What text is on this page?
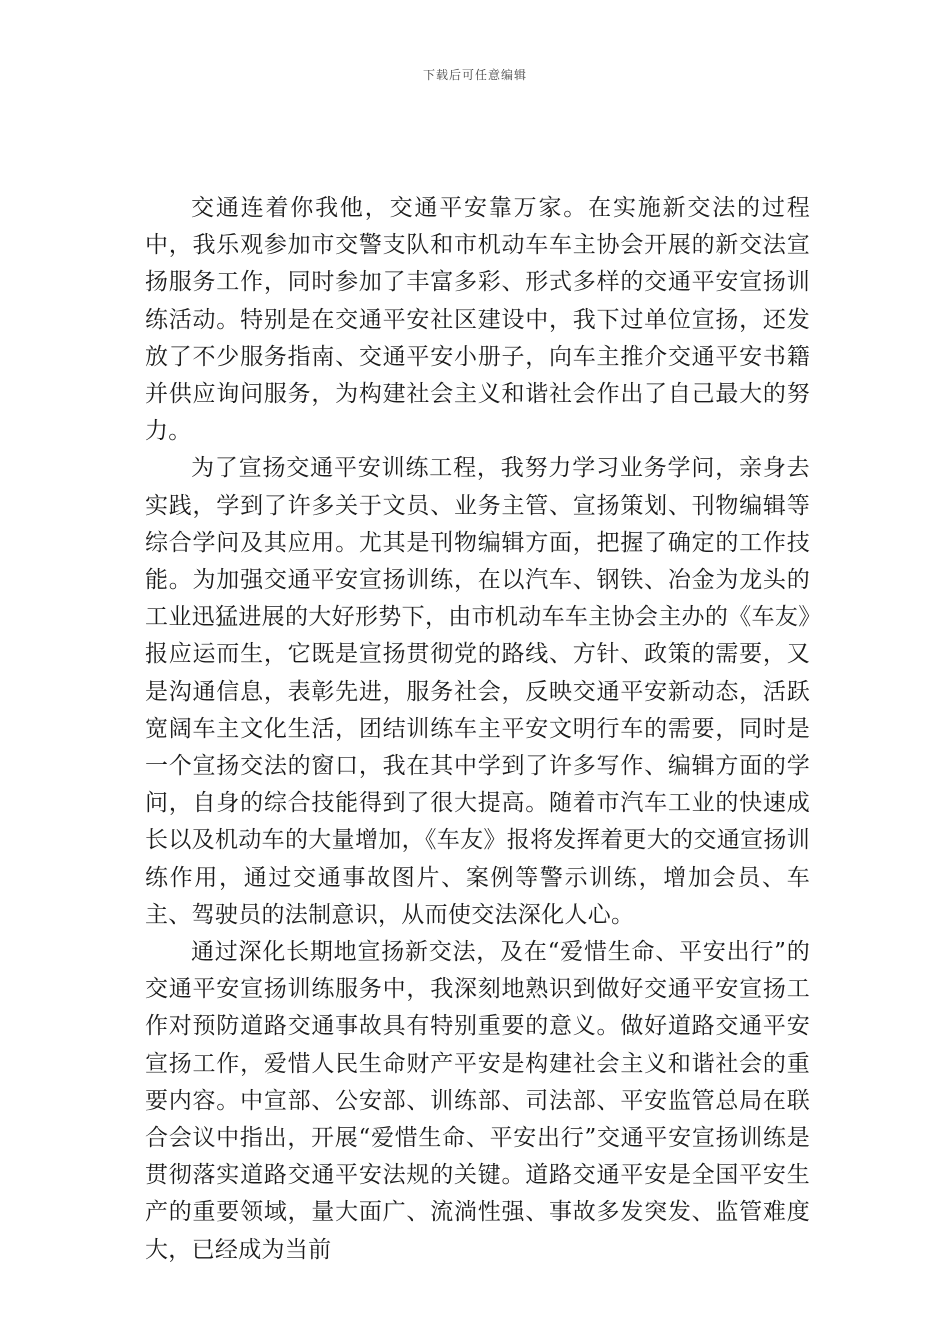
下载后可任意编辑

交通连着你我他，交通平安靠万家。在实施新交法的过程中，我乐观参加市交警支队和市机动车车主协会开展的新交法宣扬服务工作，同时参加了丰富多彩、形式多样的交通平安宣扬训练活动。特别是在交通平安社区建设中，我下过单位宣扬，还发放了不少服务指南、交通平安小册子，向车主推介交通平安书籍并供应询问服务，为构建社会主义和谐社会作出了自己最大的努力。

为了宣扬交通平安训练工程，我努力学习业务学问，亲身去实践，学到了许多关于文员、业务主管、宣扬策划、刊物编辑等综合学问及其应用。尤其是刊物编辑方面，把握了确定的工作技能。为加强交通平安宣扬训练，在以汽车、钢铁、冶金为龙头的工业迅猛进展的大好形势下，由市机动车车主协会主办的《车友》报应运而生，它既是宣扬贯彻党的路线、方针、政策的需要，又是沟通信息，表彰先进，服务社会，反映交通平安新动态，活跃宽阔车主文化生活，团结训练车主平安文明行车的需要，同时是一个宣扬交法的窗口，我在其中学到了许多写作、编辑方面的学问，自身的综合技能得到了很大提高。随着市汽车工业的快速成长以及机动车的大量增加，《车友》报将发挥着更大的交通宣扬训练作用，通过交通事故图片、案例等警示训练，增加会员、车主、驾驶员的法制意识，从而使交法深化人心。

通过深化长期地宣扬新交法，及在“爱惜生命、平安出行”的交通平安宣扬训练服务中，我深刻地熟识到做好交通平安宣扬工作对预防道路交通事故具有特别重要的意义。做好道路交通平安宣扬工作，爱惜人民生命财产平安是构建社会主义和谐社会的重要内容。中宣部、公安部、训练部、司法部、平安监管总局在联合会议中指出，开展“爱惜生命、平安出行”交通平安宣扬训练是贯彻落实道路交通平安法规的关键。道路交通平安是全国平安生产的重要领域，量大面广、流淌性强、事故多发突发、监管难度大，已经成为当前
